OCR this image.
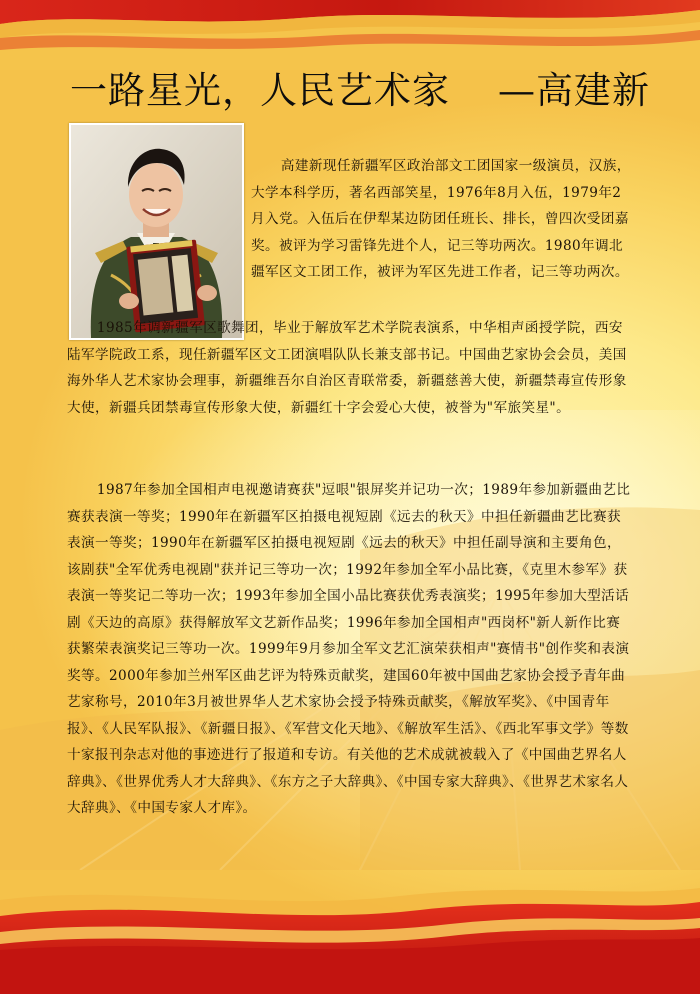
一路星光，人民艺术家 —高建新

高建新现任新疆军区政治部文工团国家一级演员，汉族，大学本科学历，著名西部笑星，1976年8月入伍，1979年2月入党。入伍后在伊犁某边防团任班长、排长，曾四次受团嘉奖。被评为学习雷锋先进个人，记三等功两次。1980年调北疆军区文工团工作，被评为军区先进工作者，记三等功两次。

1985年调新疆军区歌舞团，毕业于解放军艺术学院表演系，中华相声函授学院，西安陆军学院政工系，现任新疆军区文工团演唱队队长兼支部书记。中国曲艺家协会会员，美国海外华人艺术家协会理事，新疆维吾尔自治区青联常委，新疆慈善大使，新疆禁毒宣传形象大使，新疆兵团禁毒宣传形象大使，新疆红十字会爱心大使，被誉为"军旅笑星"。

1987年参加全国相声电视邀请赛获"逗哏"银屏奖并记功一次；1989年参加新疆曲艺比赛获表演一等奖；1990年在新疆军区拍摄电视短剧《远去的秋天》中担任新疆曲艺比赛获表演一等奖；1990年在新疆军区拍摄电视短剧《远去的秋天》中担任副导演和主要角色，该剧获"全军优秀电视剧"获并记三等功一次；1992年参加全军小品比赛，《克里木参军》获表演一等奖记二等功一次；1993年参加全国小品比赛获优秀表演奖；1995年参加大型活话剧《天边的高原》获得解放军文艺新作品奖；1996年参加全国相声"西岗杯"新人新作比赛获繁荣表演奖记三等功一次。1999年9月参加全军文艺汇演荣获相声"赛情书"创作奖和表演奖等。2000年参加兰州军区曲艺评为特殊贡献奖，建国60年被中国曲艺家协会授予青年曲艺家称号，2010年3月被世界华人艺术家协会授予特殊贡献奖，《解放军奖》、《中国青年报》、《人民军队报》、《新疆日报》、《军营文化天地》、《解放军生活》、《西北军事文学》等数十家报刊杂志对他的事迹进行了报道和专访。有关他的艺术成就被载入了《中国曲艺界名人辞典》、《世界优秀人才大辞典》、《东方之子大辞典》、《中国专家大辞典》、《世界艺术家名人大辞典》、《中国专家人才库》。
